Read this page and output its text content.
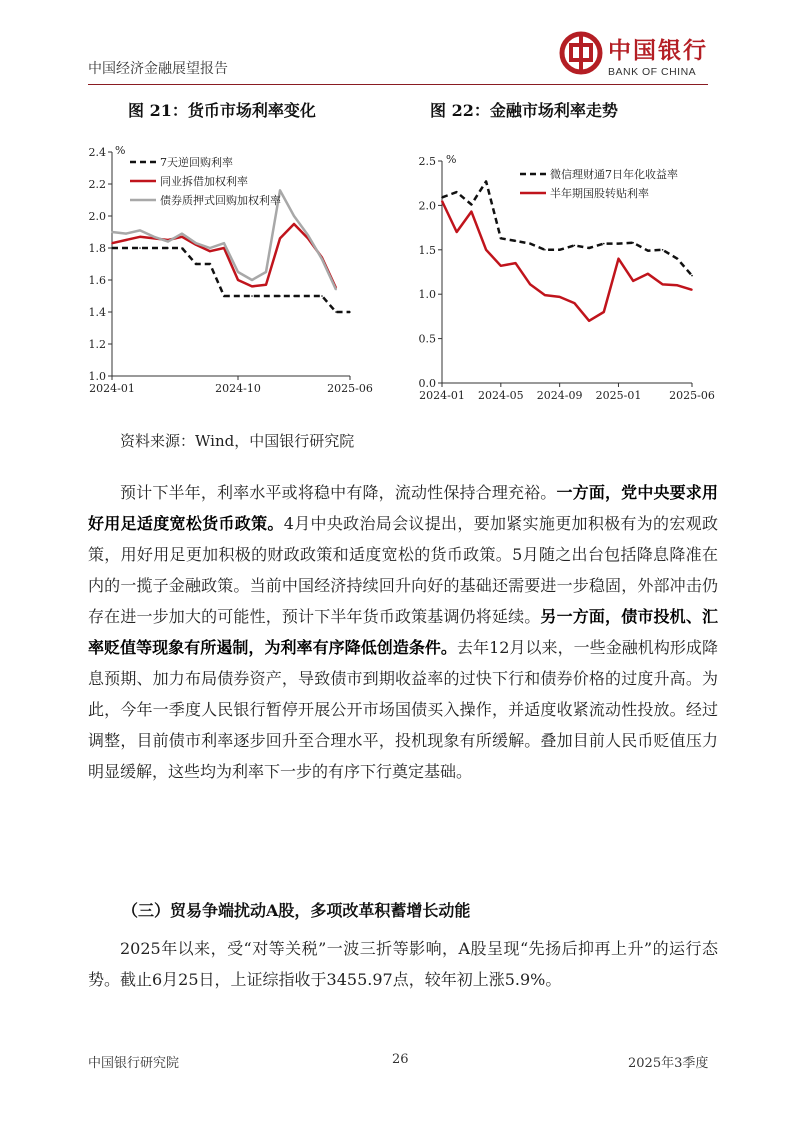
中国经济金融展望报告
中国银行
BANK OF CHINA
图 21：货币市场利率变化	图 22：金融市场利率走势
1.0
1.2
1.4
1.6
1.8
2.0
2.2
2.4 %
2024-01	2024-10	2025-06
7天逆回购利率
同业拆借加权利率
债券质押式回购加权利率
0.0
0.5
1.0
1.5
2.0
2.5 %
2024-01 2024-05 2024-09 2025-01	2025-06
微信理财通7日年化收益率
半年期国股转贴利率
资料来源：Wind，中国银行研究院
预计下半年，利率水平或将稳中有降，流动性保持合理充裕。一方面，党中央要求用好用足适度宽松货币政策。4月中央政治局会议提出，要加紧实施更加积极有为的宏观政策，用好用足更加积极的财政政策和适度宽松的货币政策。5月随之出台包括降息降准在内的一揽子金融政策。当前中国经济持续回升向好的基础还需要进一步稳固，外部冲击仍存在进一步加大的可能性，预计下半年货币政策基调仍将延续。另一方面，债市投机、汇率贬值等现象有所遏制，为利率有序降低创造条件。去年12月以来，一些金融机构形成降息预期、加力布局债券资产，导致债市到期收益率的过快下行和债券价格的过度升高。为此，今年一季度人民银行暂停开展公开市场国债买入操作，并适度收紧流动性投放。经过调整，目前债市利率逐步回升至合理水平，投机现象有所缓解。叠加目前人民币贬值压力明显缓解，这些均为利率下一步的有序下行奠定基础。
（三）贸易争端扰动A股，多项改革积蓄增长动能
2025年以来，受“对等关税”一波三折等影响，A股呈现“先扬后抑再上升”的运行态势。截止6月25日，上证综指收于3455.97点，较年初上涨5.9%。
中国银行研究院	26	2025年3季度
